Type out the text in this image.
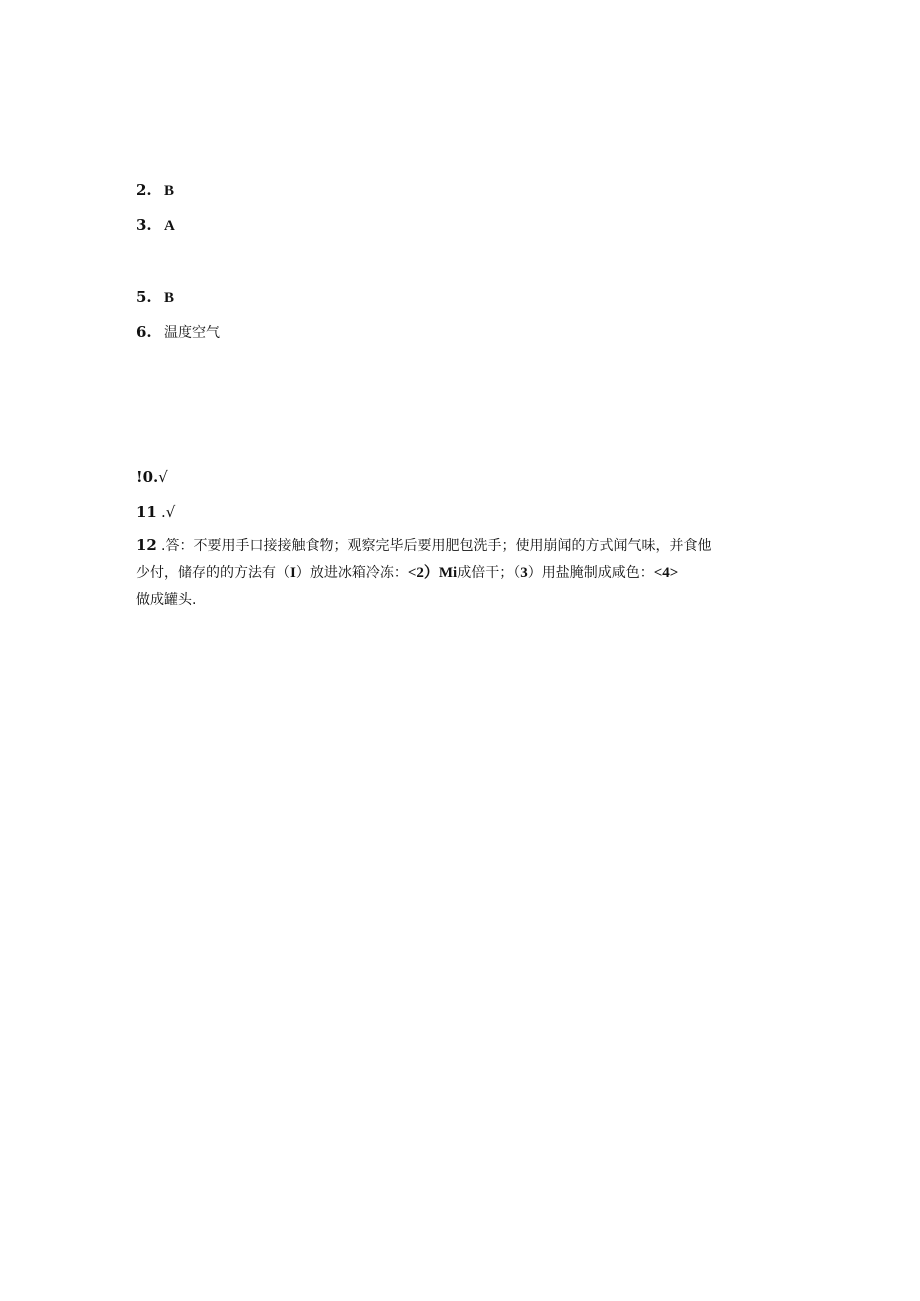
2. B
3. A
5. B
6. 温度空气
!0.√
11 .√
12 .答：不要用手口接接触食物；观察完毕后要用肥包洗手；使用崩闻的方式闻气味，并食他
少付，储存的的方法有（I）放进冰箱冷冻：<2）Mi成倍干；（3）用盐腌制成咸色：<4>
做成罐头.
